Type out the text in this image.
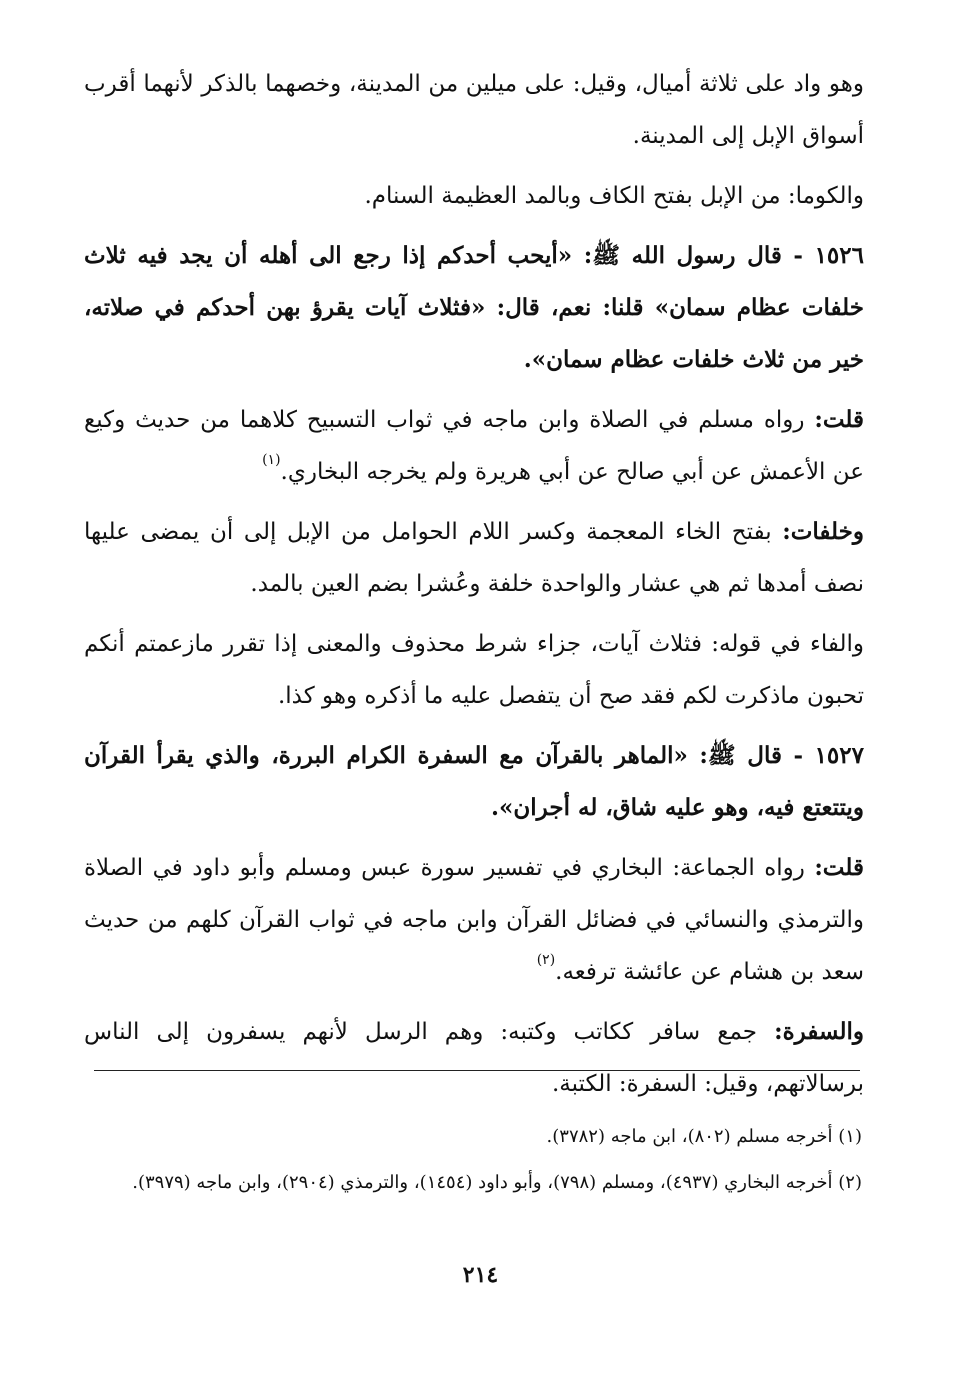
وهو واد على ثلاثة أميال، وقيل: على ميلين من المدينة، وخصهما بالذكر لأنهما أقرب أسواق الإبل إلى المدينة.

والكوما: من الإبل بفتح الكاف وبالمد العظيمة السنام.

١٥٢٦ - قال رسول الله ﷺ: «أيحب أحدكم إذا رجع الى أهله أن يجد فيه ثلاث خلفات عظام سمان» قلنا: نعم، قال: «فثلاث آيات يقرؤ بهن أحدكم في صلاته، خير من ثلاث خلفات عظام سمان».

قلت: رواه مسلم في الصلاة وابن ماجه في ثواب التسبيح كلاهما من حديث وكيع عن الأعمش عن أبي صالح عن أبي هريرة ولم يخرجه البخاري.$^{(١)}$

وخلفات: بفتح الخاء المعجمة وكسر اللام الحوامل من الإبل إلى أن يمضى عليها نصف أمدها ثم هي عشار والواحدة خلفة وعُشرا بضم العين بالمد.

والفاء في قوله: فثلاث آيات، جزاء شرط محذوف والمعنى إذا تقرر مازعمتم أنكم تحبون ماذكرت لكم فقد صح أن يتفصل عليه ما أذكره وهو كذا.

١٥٢٧ - قال ﷺ: «الماهر بالقرآن مع السفرة الكرام البررة، والذي يقرأ القرآن ويتتعتع فيه، وهو عليه شاق، له أجران».

قلت: رواه الجماعة: البخاري في تفسير سورة عبس ومسلم وأبو داود في الصلاة والترمذي والنسائي في فضائل القرآن وابن ماجه في ثواب القرآن كلهم من حديث سعد بن هشام عن عائشة ترفعه.$^{(٢)}$

والسفرة: جمع سافر ككاتب وكتبه: وهم الرسل لأنهم يسفرون إلى الناس برسالاتهم، وقيل: السفرة: الكتبة.

(١) أخرجه مسلم (٨٠٢)، ابن ماجه (٣٧٨٢).

(٢) أخرجه البخاري (٤٩٣٧)، ومسلم (٧٩٨)، وأبو داود (١٤٥٤)، والترمذي (٢٩٠٤)، وابن ماجه (٣٩٧٩).

٢١٤
